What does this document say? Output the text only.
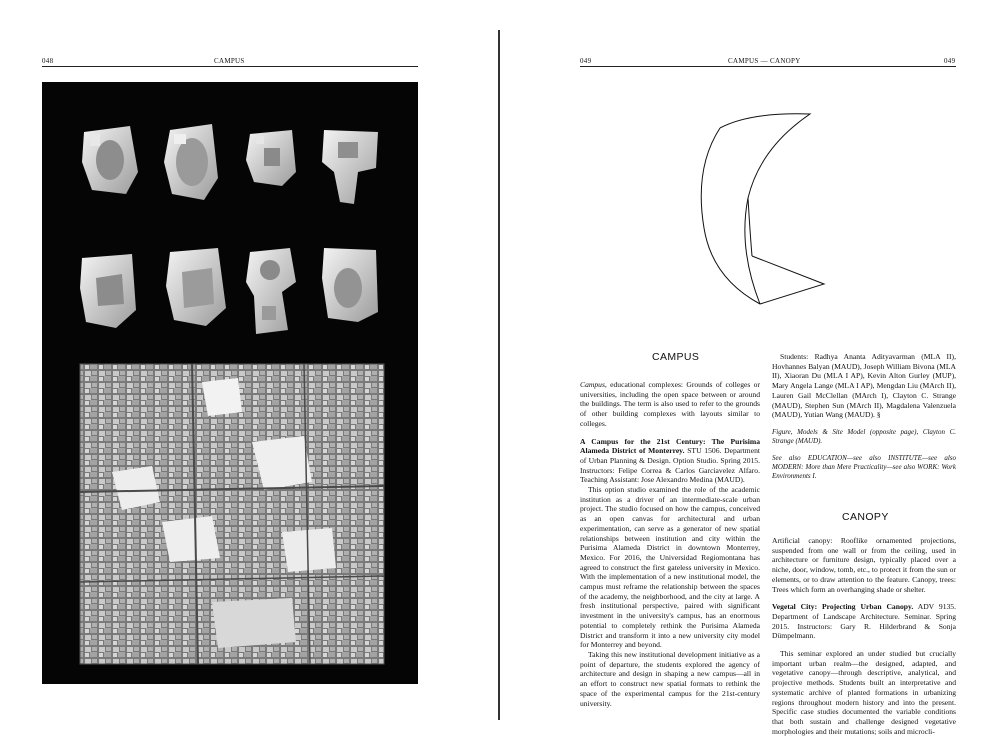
048	CAMPUS	049	CAMPUS — CANOPY	049
CAMPUS

Campus, educational complexes: Grounds of colleges or universities, including the open space between or around the buildings. The term is also used to refer to the grounds of other building complexes with layouts similar to colleges.

A Campus for the 21st Century: The Purisima Alameda District of Monterrey. STU 1506. Department of Urban Planning & Design. Option Studio. Spring 2015. Instructors: Felipe Correa & Carlos Garciavelez Alfaro. Teaching Assistant: Jose Alexandro Medina (MAUD).

This option studio examined the role of the academic institution as a driver of an intermediate-scale urban project. The studio focused on how the campus, conceived as an open canvas for architectural and urban experimentation, can serve as a generator of new spatial relationships between institution and city within the Purisima Alameda District in downtown Monterrey, Mexico. For 2016, the Universidad Regiomontana has agreed to construct the first gateless university in Mexico. With the implementation of a new institutional model, the campus must reframe the relationship between the spaces of the academy, the neighborhood, and the city at large. A fresh institutional perspective, paired with significant investment in the university's campus, has an enormous potential to completely rethink the Purisima Alameda District and transform it into a new university city model for Monterrey and beyond.

Taking this new institutional development initiative as a point of departure, the students explored the agency of architecture and design in shaping a new campus—all in an effort to construct new spatial formats to rethink the space of the experimental campus for the 21st-century university.

Students: Radhya Ananta Adityavarman (MLA II), Hovhannes Balyan (MAUD), Joseph William Bivona (MLA II), Xiaoran Du (MLA I AP), Kevin Alton Gurley (MUP), Mary Angela Lange (MLA I AP), Mengdan Liu (MArch II), Lauren Gail McClellan (MArch I), Clayton C. Strange (MAUD), Stephen Sun (MArch II), Magdalena Valenzuela (MAUD), Yutian Wang (MAUD). §

Figure, Models & Site Model (opposite page), Clayton C. Strange (MAUD).

See also EDUCATION—see also INSTITUTE—see also MODERN: More than Mere Practicality—see also WORK: Work Environments I.

CANOPY

Artificial canopy: Rooflike ornamented projections, suspended from one wall or from the ceiling, used in architecture or furniture design, typically placed over a niche, door, window, tomb, etc., to protect it from the sun or elements, or to draw attention to the feature. Canopy, trees: Trees which form an overhanging shade or shelter.

Vegetal City: Projecting Urban Canopy. ADV 9135. Department of Landscape Architecture. Seminar. Spring 2015. Instructors: Gary R. Hilderbrand & Sonja Dümpelmann.

This seminar explored an under studied but crucially important urban realm—the designed, adapted, and vegetative canopy—through descriptive, analytical, and projective methods. Students built an interpretative and systematic archive of planted formations in urbanizing regions throughout modern history and into the present. Specific case studies documented the variable conditions that both sustain and challenge designed vegetative morphologies and their mutations; soils and microcli-
